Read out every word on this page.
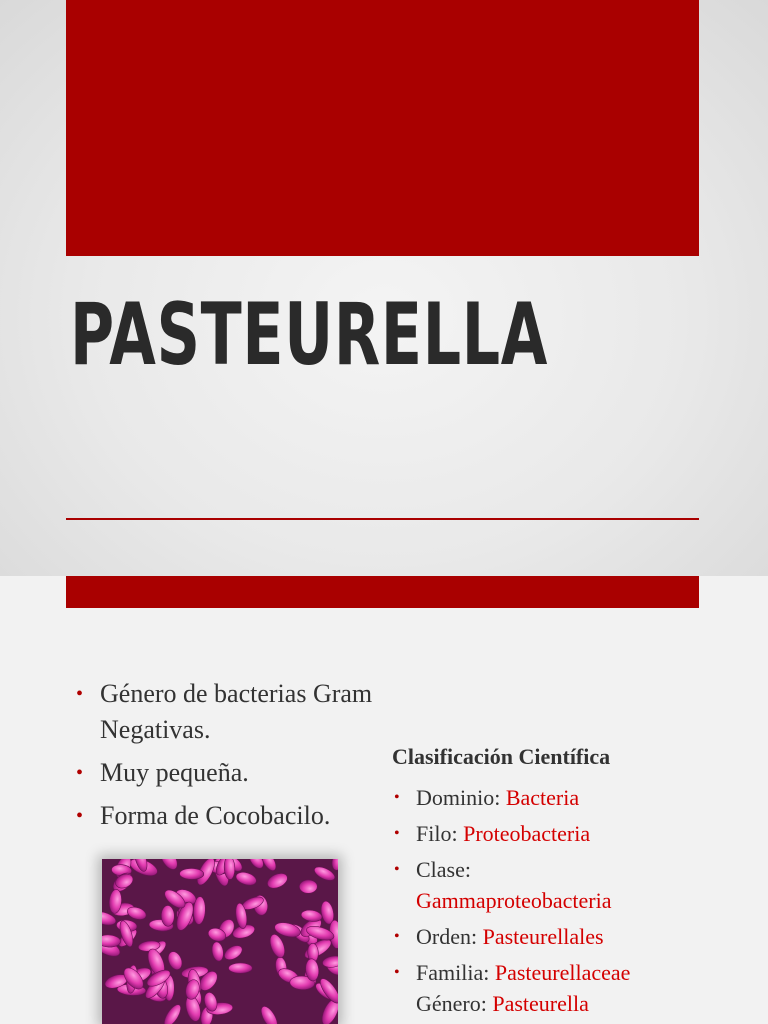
PASTEURELLA
• Género de bacterias Gram Negativas.
• Muy pequeña.
• Forma de Cocobacilo.
Clasificación Científica
• Dominio: Bacteria
• Filo: Proteobacteria
• Clase:
Gammaproteobacteria
• Orden: Pasteurellales
• Familia: Pasteurellaceae
Género: Pasteurella
